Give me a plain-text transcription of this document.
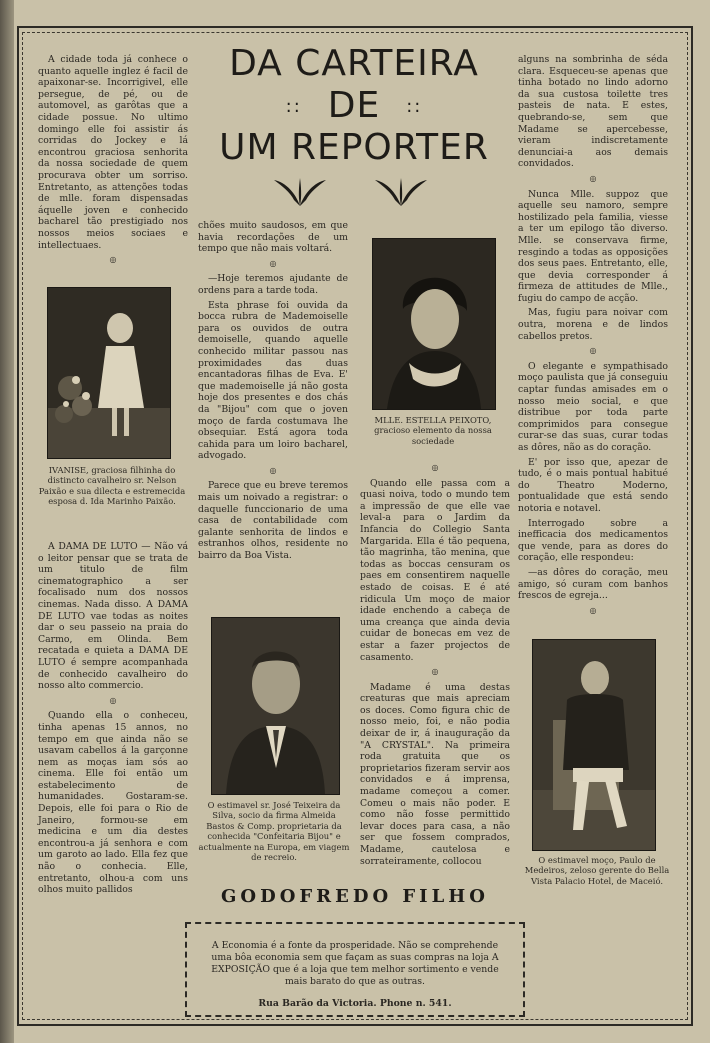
DA CARTEIRA
:: DE ::
UM REPORTER

A cidade toda já conhece o quanto aquelle inglez é facil de apaixonar-se. Incorrigivel, elle persegue, de pé, ou de automovel, as garôtas que a cidade possue. No ultimo domingo elle foi assistir ás corridas do Jockey e lá encontrou graciosa senhorita da nossa sociedade de quem procurava obter um sorriso. Entretanto, as attenções todas de mlle. foram dispensadas áquelle joven e conhecido bacharel tão prestigiado nos nossos meios sociaes e intellectuaes.

◎

IVANISE, graciosa filhinha do distincto cavalheiro sr. Nelson Paixão e sua dilecta e estremecida esposa d. Ida Marinho Paixão.

A DAMA DE LUTO — Não vá o leitor pensar que se trata de um titulo de film cinematographico a ser focalisado num dos nossos cinemas. Nada disso. A DAMA DE LUTO vae todas as noites dar o seu passeio na praia do Carmo, em Olinda. Bem recatada e quieta a DAMA DE LUTO é sempre acompanhada de conhecido cavalheiro do nosso alto commercio.

◎

Quando ella o conheceu, tinha apenas 15 annos, no tempo em que ainda não se usavam cabellos á la garçonne nem as moças iam sós ao cinema. Elle foi então um estabelecimento de humanidades. Gostaram-se. Depois, elle foi para o Rio de Janeiro, formou-se em medicina e um dia destes encontrou-a já senhora e com um garoto ao lado. Ella fez que não o conhecia. Elle, entretanto, olhou-a com uns olhos muito pallidos

chões muito saudosos, em que havia recordações de um tempo que não mais voltará.

◎

—Hoje teremos ajudante de ordens para a tarde toda.

Esta phrase foi ouvida da bocca rubra de Mademoiselle para os ouvidos de outra demoiselle, quando aquelle conhecido militar passou nas proximidades das duas encantadoras filhas de Eva. E' que mademoiselle já não gosta hoje dos presentes e dos chás da "Bijou" com que o joven moço de farda costumava lhe obsequiar. Está agora toda cahida para um loiro bacharel, advogado.

◎

Parece que eu breve teremos mais um noivado a registrar: o daquelle funccionario de uma casa de contabilidade com galante senhorita de lindos e estranhos olhos, residente no bairro da Boa Vista.

O estimavel sr. José Teixeira da Silva, socio da firma Almeida Bastos & Comp. proprietaria da conhecida "Confeitaria Bijou" e actualmente na Europa, em viagem de recreio.
MLLE. ESTELLA PEIXOTO, gracioso elemento da nossa sociedade

◎

Quando elle passa com a quasi noiva, todo o mundo tem a impressão de que elle vae leval-a para o Jardim da Infancia do Collegio Santa Margarida. Ella é tão pequena, tão magrinha, tão menina, que todas as boccas censuram os paes em consentirem naquelle estado de coisas. E é até ridicula Um moço de maior idade enchendo a cabeça de uma creança que ainda devia cuidar de bonecas em vez de estar a fazer projectos de casamento.

◎

Madame é uma destas creaturas que mais apreciam os doces. Como figura chic de nosso meio, foi, e não podia deixar de ir, á inauguração da "A CRYSTAL". Na primeira roda gratuita que os proprietarios fizeram servir aos convidados e á imprensa, madame começou a comer. Comeu o mais não poder. E como não fosse permittido levar doces para casa, a não ser que fossem comprados, Madame, cautelosa e sorrateiramente, collocou

alguns na sombrinha de séda clara. Esqueceu-se apenas que tinha botado no lindo adorno da sua custosa toilette tres pasteis de nata. E estes, quebrando-se, sem que Madame se apercebesse, vieram indiscretamente denunciai-a aos demais convidados.

◎

Nunca Mlle. suppoz que aquelle seu namoro, sempre hostilizado pela familia, viesse a ter um epilogo tão diverso. Mlle. se conservava firme, resgindo a todas as opposições dos seus paes. Entretanto, elle, que devia corresponder á firmeza de attitudes de Mlle., fugiu do campo de acção.

Mas, fugiu para noivar com outra, morena e de lindos cabellos pretos.

◎

O elegante e sympathisado moço paulista que já conseguiu captar fundas amisades em o nosso meio social, e que distribue por toda parte comprimidos para consegue curar-se das suas, curar todas as dôres, não as do coração.

E' por isso que, apezar de tudo, é o mais pontual habitué do Theatro Moderno, pontualidade que está sendo notoria e notavel.

Interrogado sobre a inefficacia dos medicamentos que vende, para as dores do coração, elle respondeu:

—as dôres do coração, meu amigo, só curam com banhos frescos de egreja...

◎

O estimavel moço, Paulo de Medeiros, zeloso gerente do Bella Vista Palacio Hotel, de Maceió.
GODOFREDO FILHO
A Economia é a fonte da prosperidade. Não se comprehende uma bôa economia sem que façam as suas compras na loja A EXPOSIÇÃO que é a loja que tem melhor sortimento e vende mais barato do que as outras.
Rua Barão da Victoria. Phone n. 541.
